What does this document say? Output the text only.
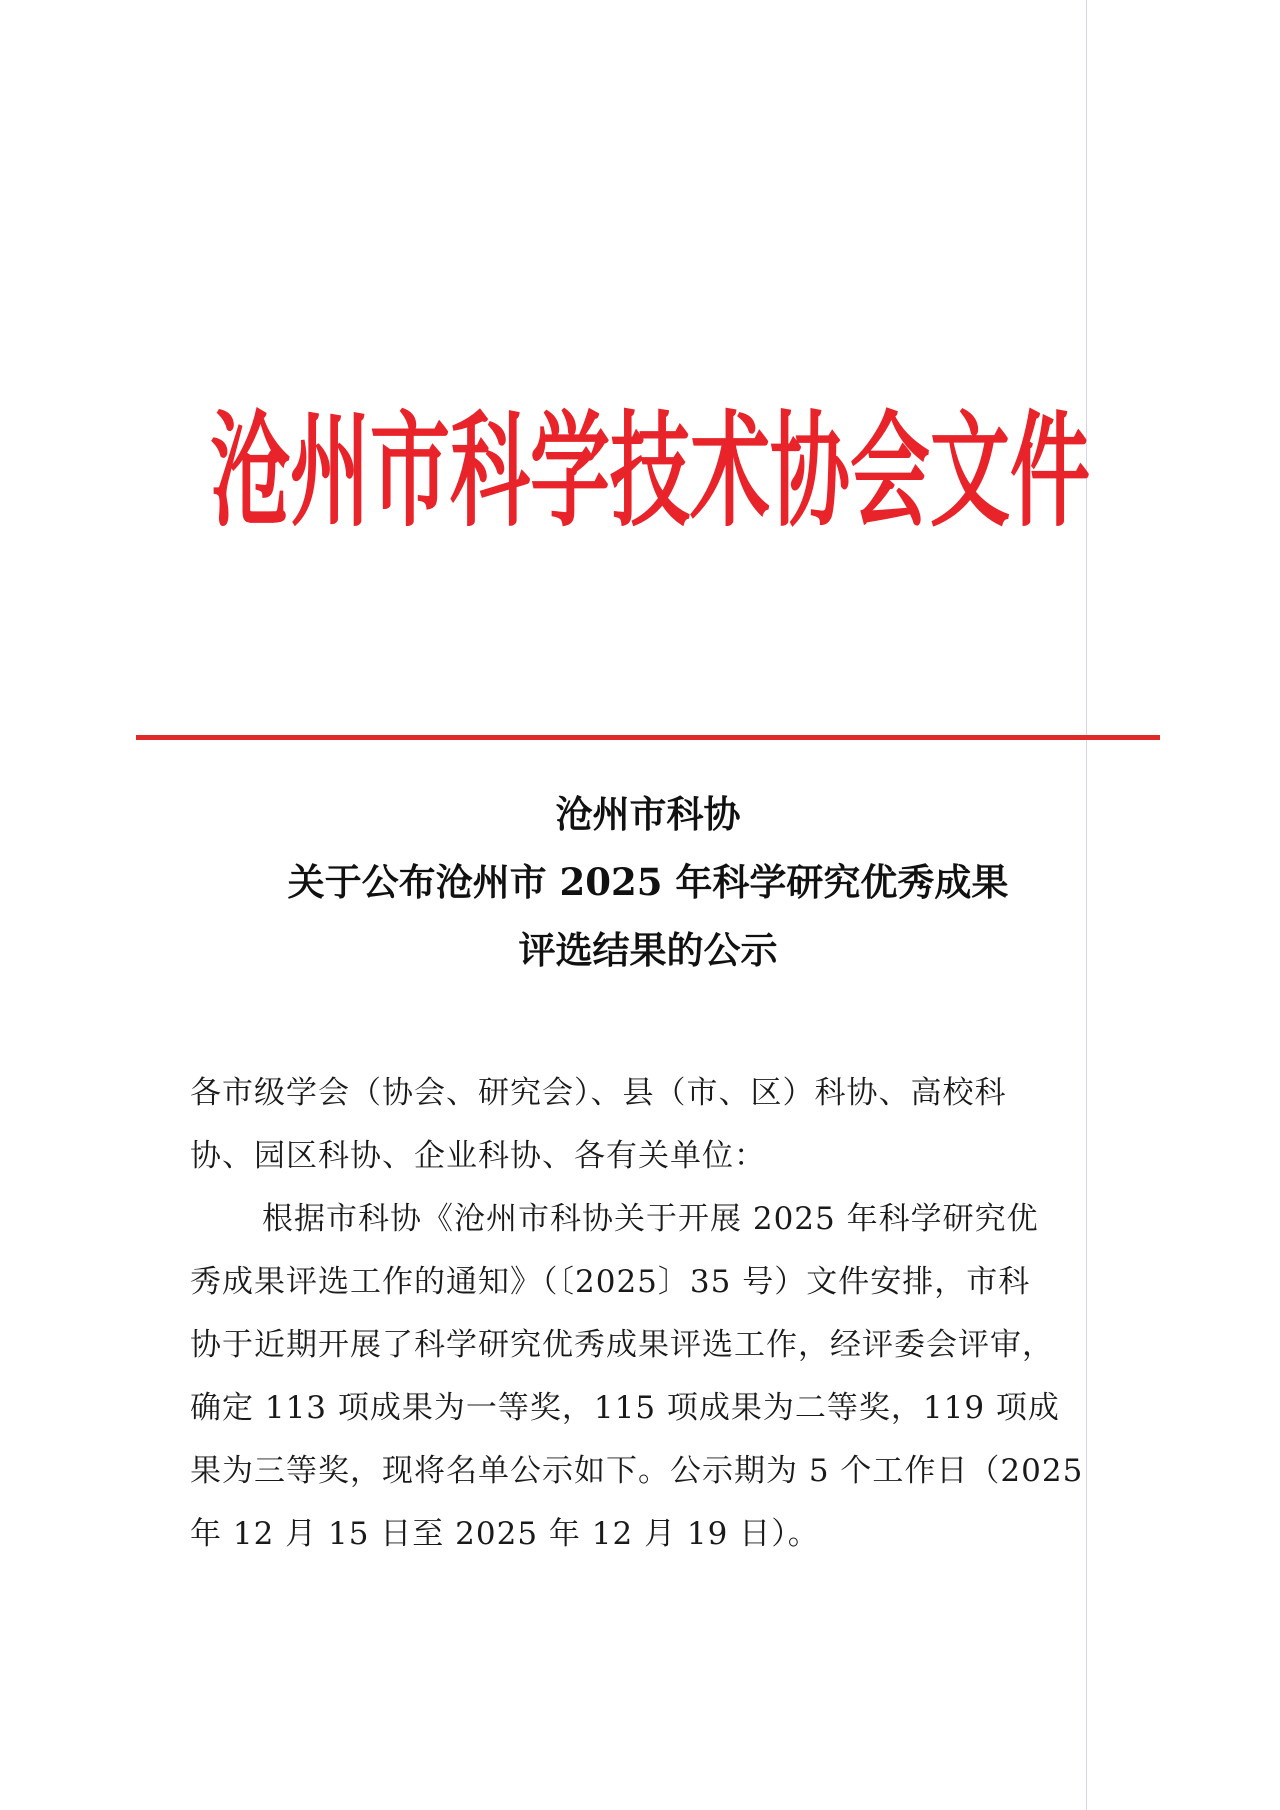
沧州市科学技术协会文件
沧州市科协
关于公布沧州市 2025 年科学研究优秀成果
评选结果的公示
各市级学会（协会、研究会）、县（市、区）科协、高校科
协、园区科协、企业科协、各有关单位：
根据市科协《沧州市科协关于开展 2025 年科学研究优
秀成果评选工作的通知》（〔2025〕35 号）文件安排，市科
协于近期开展了科学研究优秀成果评选工作，经评委会评审，
确定 113 项成果为一等奖，115 项成果为二等奖，119 项成
果为三等奖，现将名单公示如下。公示期为 5 个工作日（2025
年 12 月 15 日至 2025 年 12 月 19 日）。
